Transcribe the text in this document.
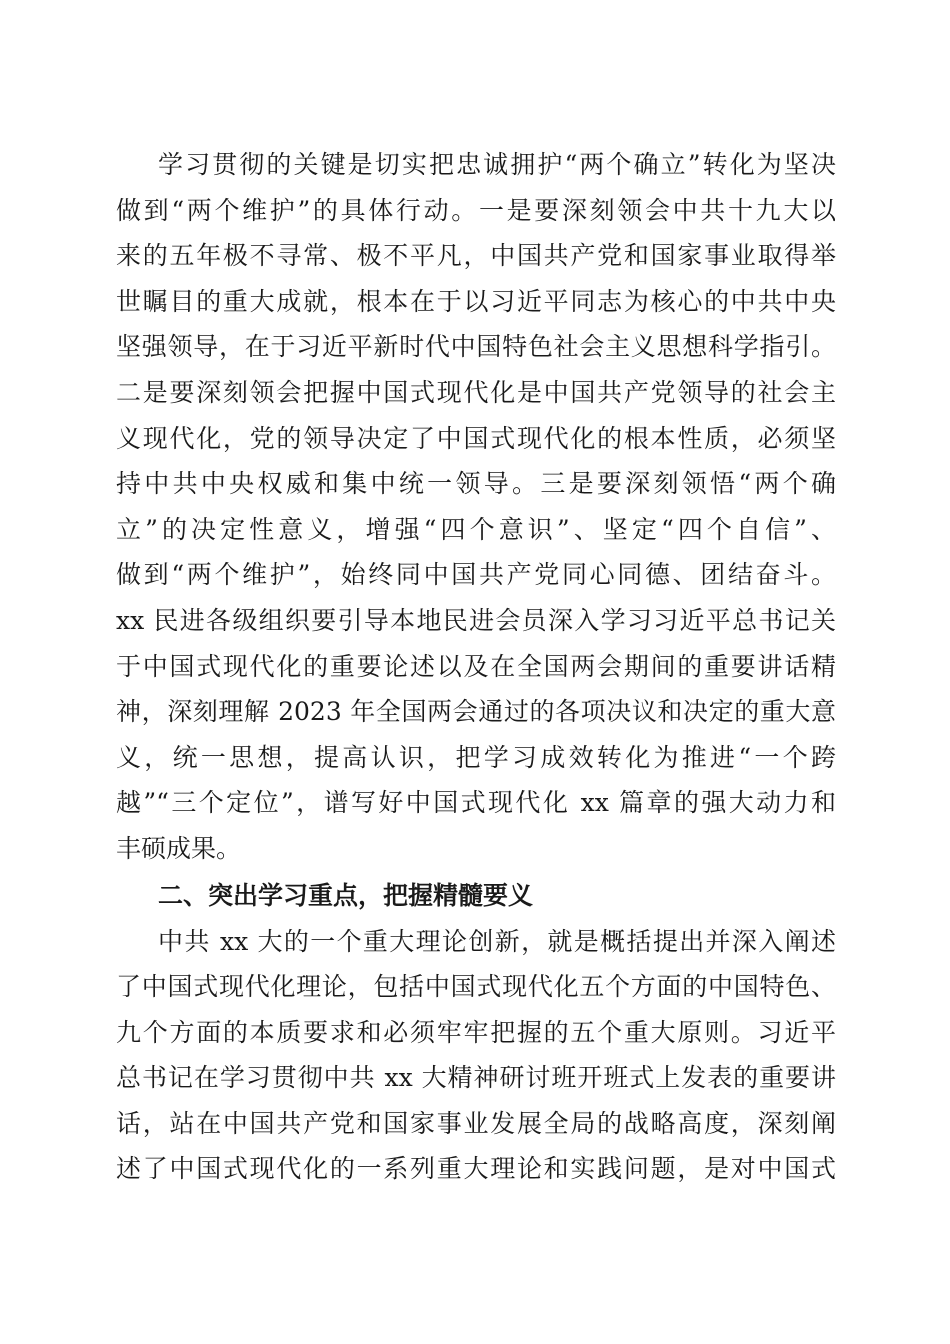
学习贯彻的关键是切实把忠诚拥护“两个确立”转化为坚决
做到“两个维护”的具体行动。一是要深刻领会中共十九大以
来的五年极不寻常、极不平凡，中国共产党和国家事业取得举
世瞩目的重大成就，根本在于以习近平同志为核心的中共中央
坚强领导，在于习近平新时代中国特色社会主义思想科学指引。
二是要深刻领会把握中国式现代化是中国共产党领导的社会主
义现代化，党的领导决定了中国式现代化的根本性质，必须坚
持中共中央权威和集中统一领导。三是要深刻领悟“两个确
立”的决定性意义，增强“四个意识”、坚定“四个自信”、
做到“两个维护”，始终同中国共产党同心同德、团结奋斗。
xx 民进各级组织要引导本地民进会员深入学习习近平总书记关
于中国式现代化的重要论述以及在全国两会期间的重要讲话精
神，深刻理解 2023 年全国两会通过的各项决议和决定的重大意
义，统一思想，提高认识，把学习成效转化为推进“一个跨
越”“三个定位”，谱写好中国式现代化 xx 篇章的强大动力和
丰硕成果。
二、突出学习重点，把握精髓要义
中共 xx 大的一个重大理论创新，就是概括提出并深入阐述
了中国式现代化理论，包括中国式现代化五个方面的中国特色、
九个方面的本质要求和必须牢牢把握的五个重大原则。习近平
总书记在学习贯彻中共 xx 大精神研讨班开班式上发表的重要讲
话，站在中国共产党和国家事业发展全局的战略高度，深刻阐
述了中国式现代化的一系列重大理论和实践问题，是对中国式
